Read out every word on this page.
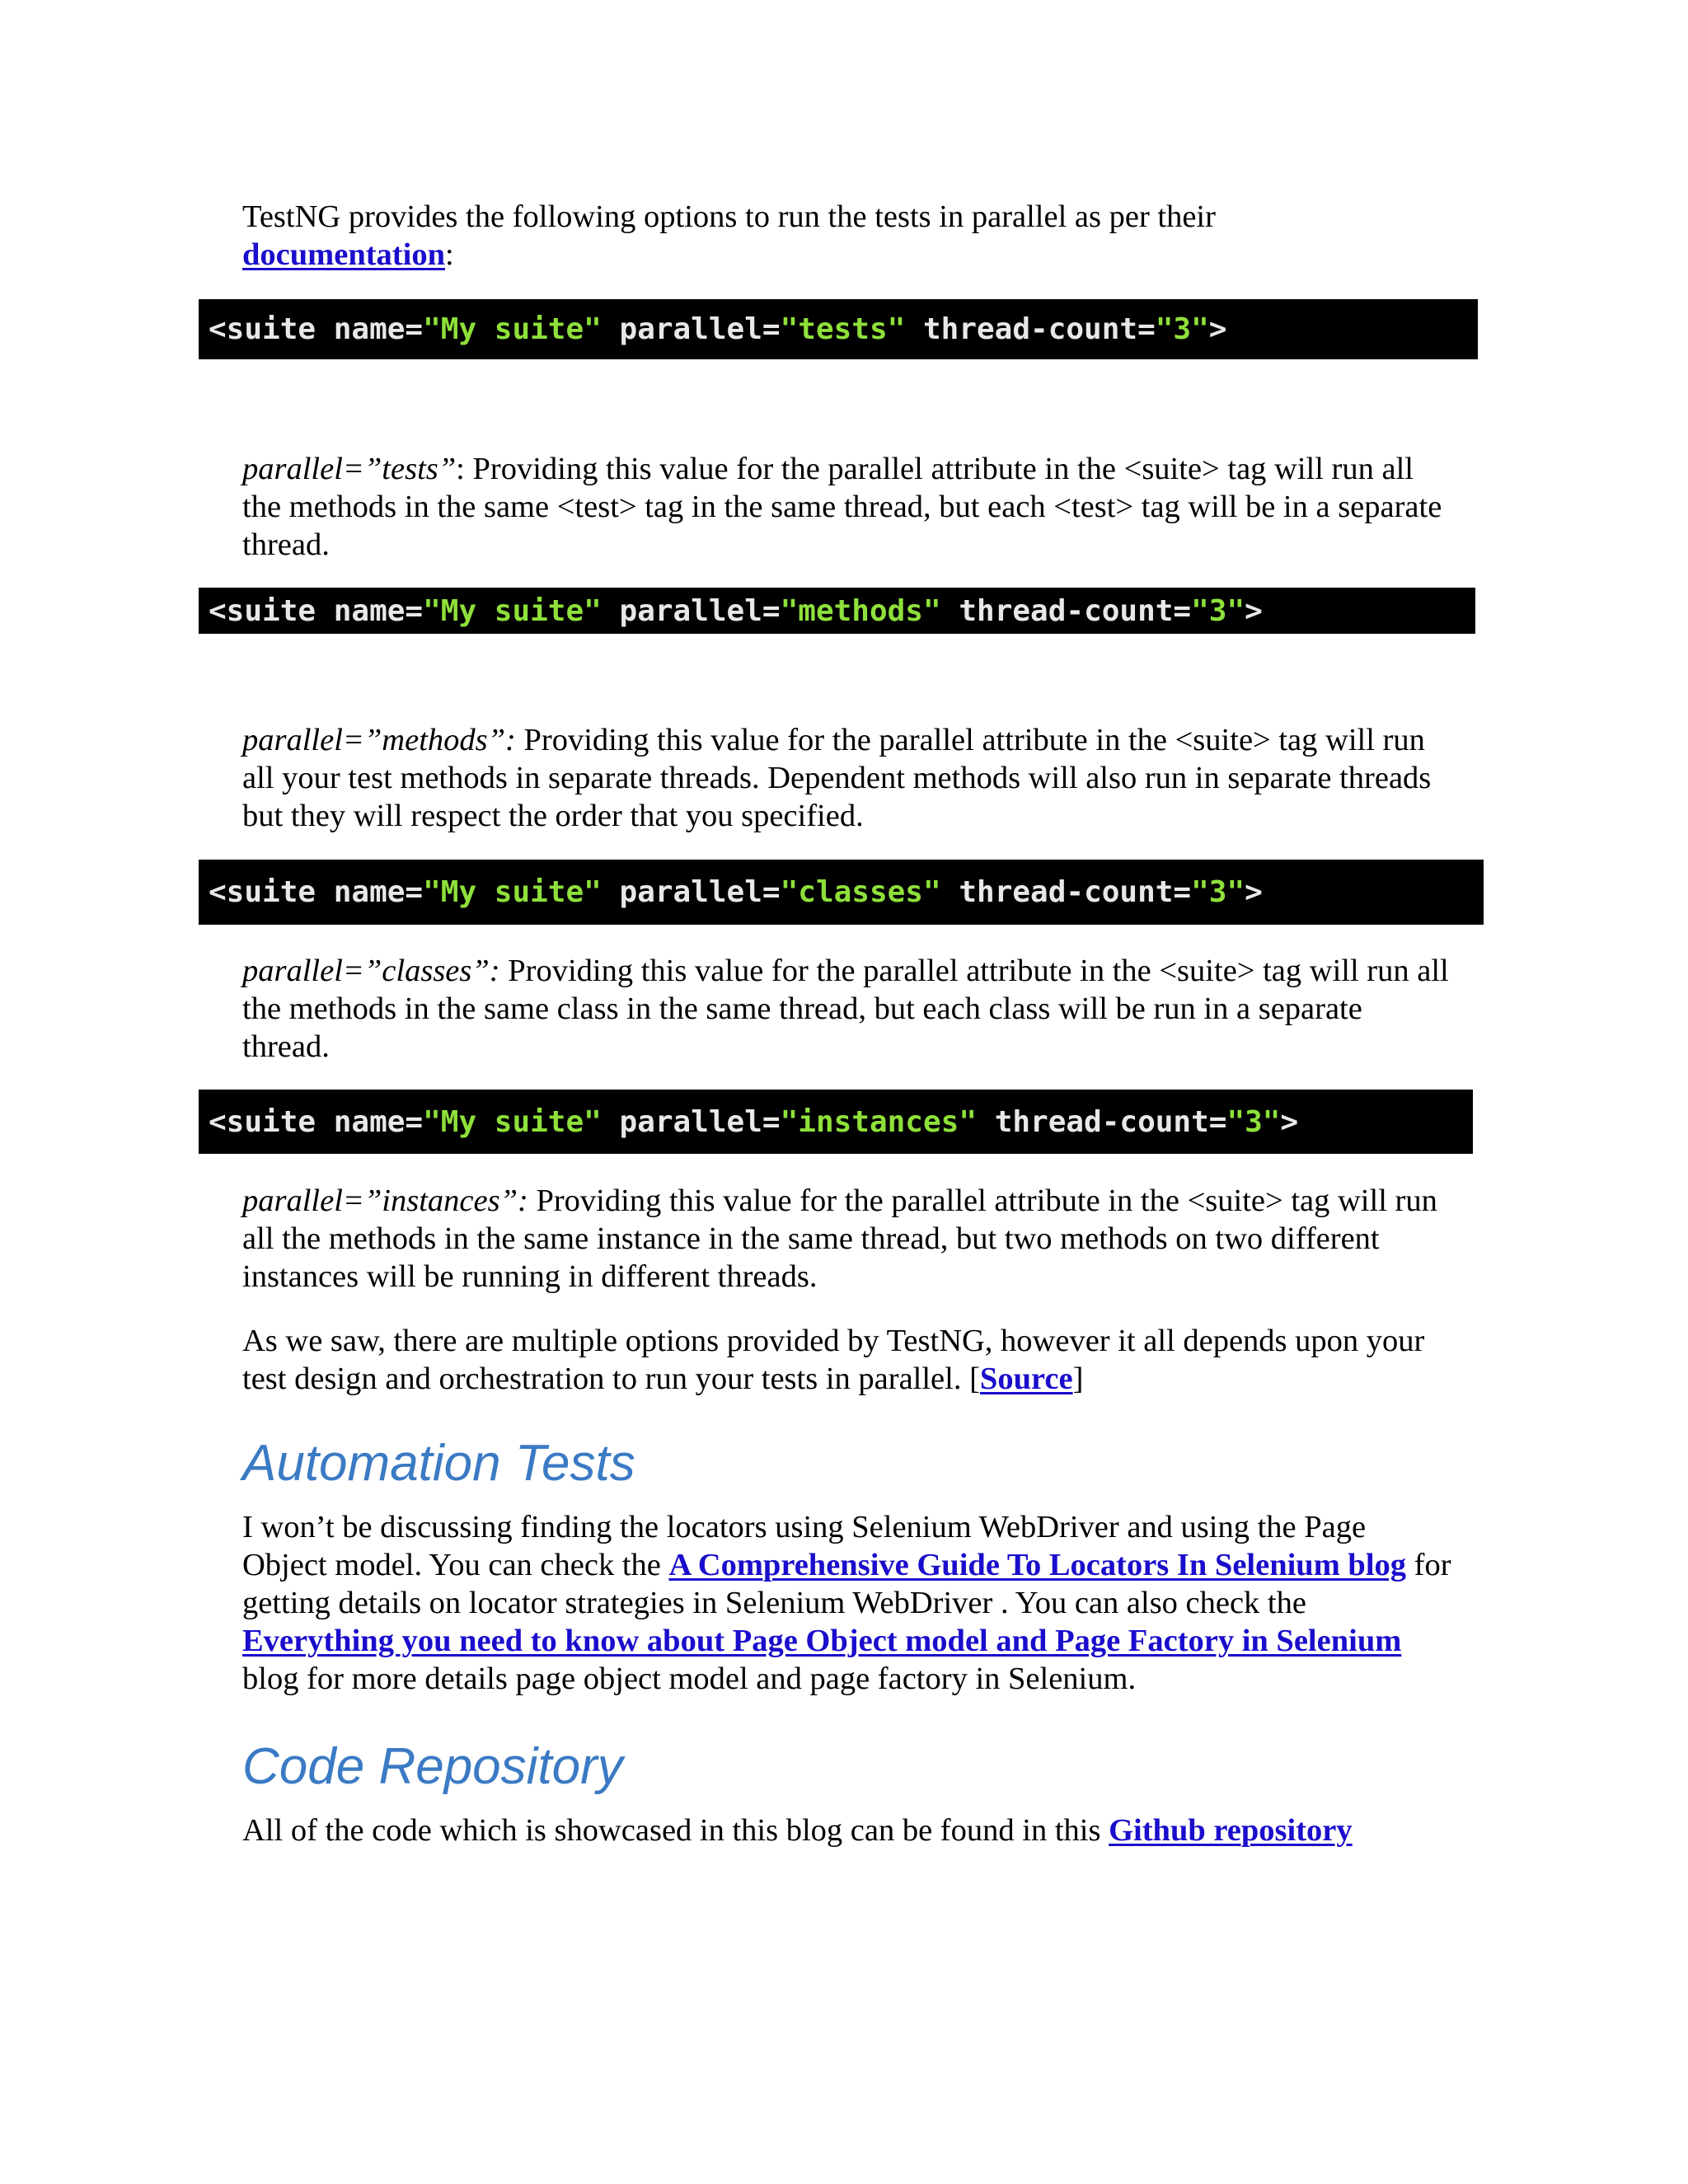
TestNG provides the following options to run the tests in parallel as per their documentation:

<suite name= "My suite" parallel= "tests" thread-count= "3" >

parallel=”tests”: Providing this value for the parallel attribute in the <suite> tag will run all the methods in the same <test> tag in the same thread, but each <test> tag will be in a separate thread.

<suite name= "My suite" parallel= "methods" thread-count= "3" >

parallel=”methods”: Providing this value for the parallel attribute in the <suite> tag will run all your test methods in separate threads. Dependent methods will also run in separate threads but they will respect the order that you specified.

<suite name= "My suite" parallel= "classes" thread-count= "3" >

parallel=”classes”: Providing this value for the parallel attribute in the <suite> tag will run all the methods in the same class in the same thread, but each class will be run in a separate thread.

<suite name= "My suite" parallel= "instances" thread-count= "3" >

parallel=”instances”: Providing this value for the parallel attribute in the <suite> tag will run all the methods in the same instance in the same thread, but two methods on two different instances will be running in different threads.

As we saw, there are multiple options provided by TestNG, however it all depends upon your test design and orchestration to run your tests in parallel. [Source]

Automation Tests

I won’t be discussing finding the locators using Selenium WebDriver and using the Page Object model. You can check the A Comprehensive Guide To Locators In Selenium blog for getting details on locator strategies in Selenium WebDriver . You can also check the Everything you need to know about Page Object model and Page Factory in Selenium blog for more details page object model and page factory in Selenium.

Code Repository

All of the code which is showcased in this blog can be found in this Github repository
